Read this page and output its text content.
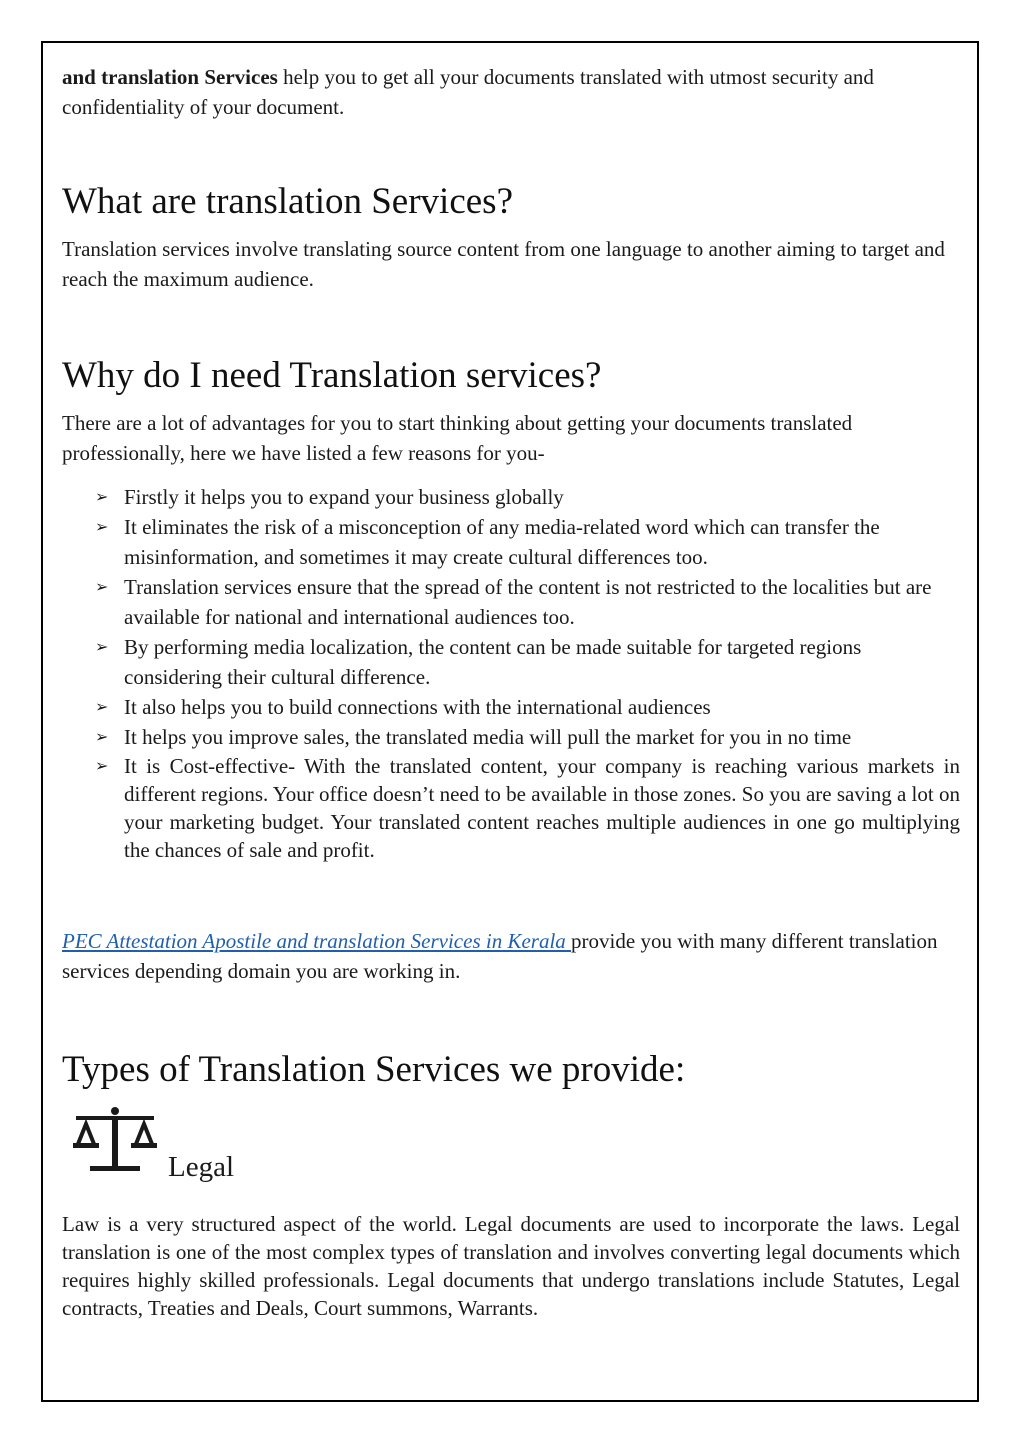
and translation Services help you to get all your documents translated with utmost security and confidentiality of your document.

What are translation Services?

Translation services involve translating source content from one language to another aiming to target and reach the maximum audience.

Why do I need Translation services?

There are a lot of advantages for you to start thinking about getting your documents translated professionally, here we have listed a few reasons for you-

➢ Firstly it helps you to expand your business globally
➢ It eliminates the risk of a misconception of any media-related word which can transfer the misinformation, and sometimes it may create cultural differences too.
➢ Translation services ensure that the spread of the content is not restricted to the localities but are available for national and international audiences too.
➢ By performing media localization, the content can be made suitable for targeted regions considering their cultural difference.
➢ It also helps you to build connections with the international audiences
➢ It helps you improve sales, the translated media will pull the market for you in no time
➢ It is Cost-effective- With the translated content, your company is reaching various markets in different regions. Your office doesn’t need to be available in those zones. So you are saving a lot on your marketing budget. Your translated content reaches multiple audiences in one go multiplying the chances of sale and profit.

PEC Attestation Apostile and translation Services in Kerala provide you with many different translation services depending domain you are working in.

Types of Translation Services we provide:
Legal

Law is a very structured aspect of the world. Legal documents are used to incorporate the laws. Legal translation is one of the most complex types of translation and involves converting legal documents which requires highly skilled professionals. Legal documents that undergo translations include Statutes, Legal contracts, Treaties and Deals, Court summons, Warrants.
